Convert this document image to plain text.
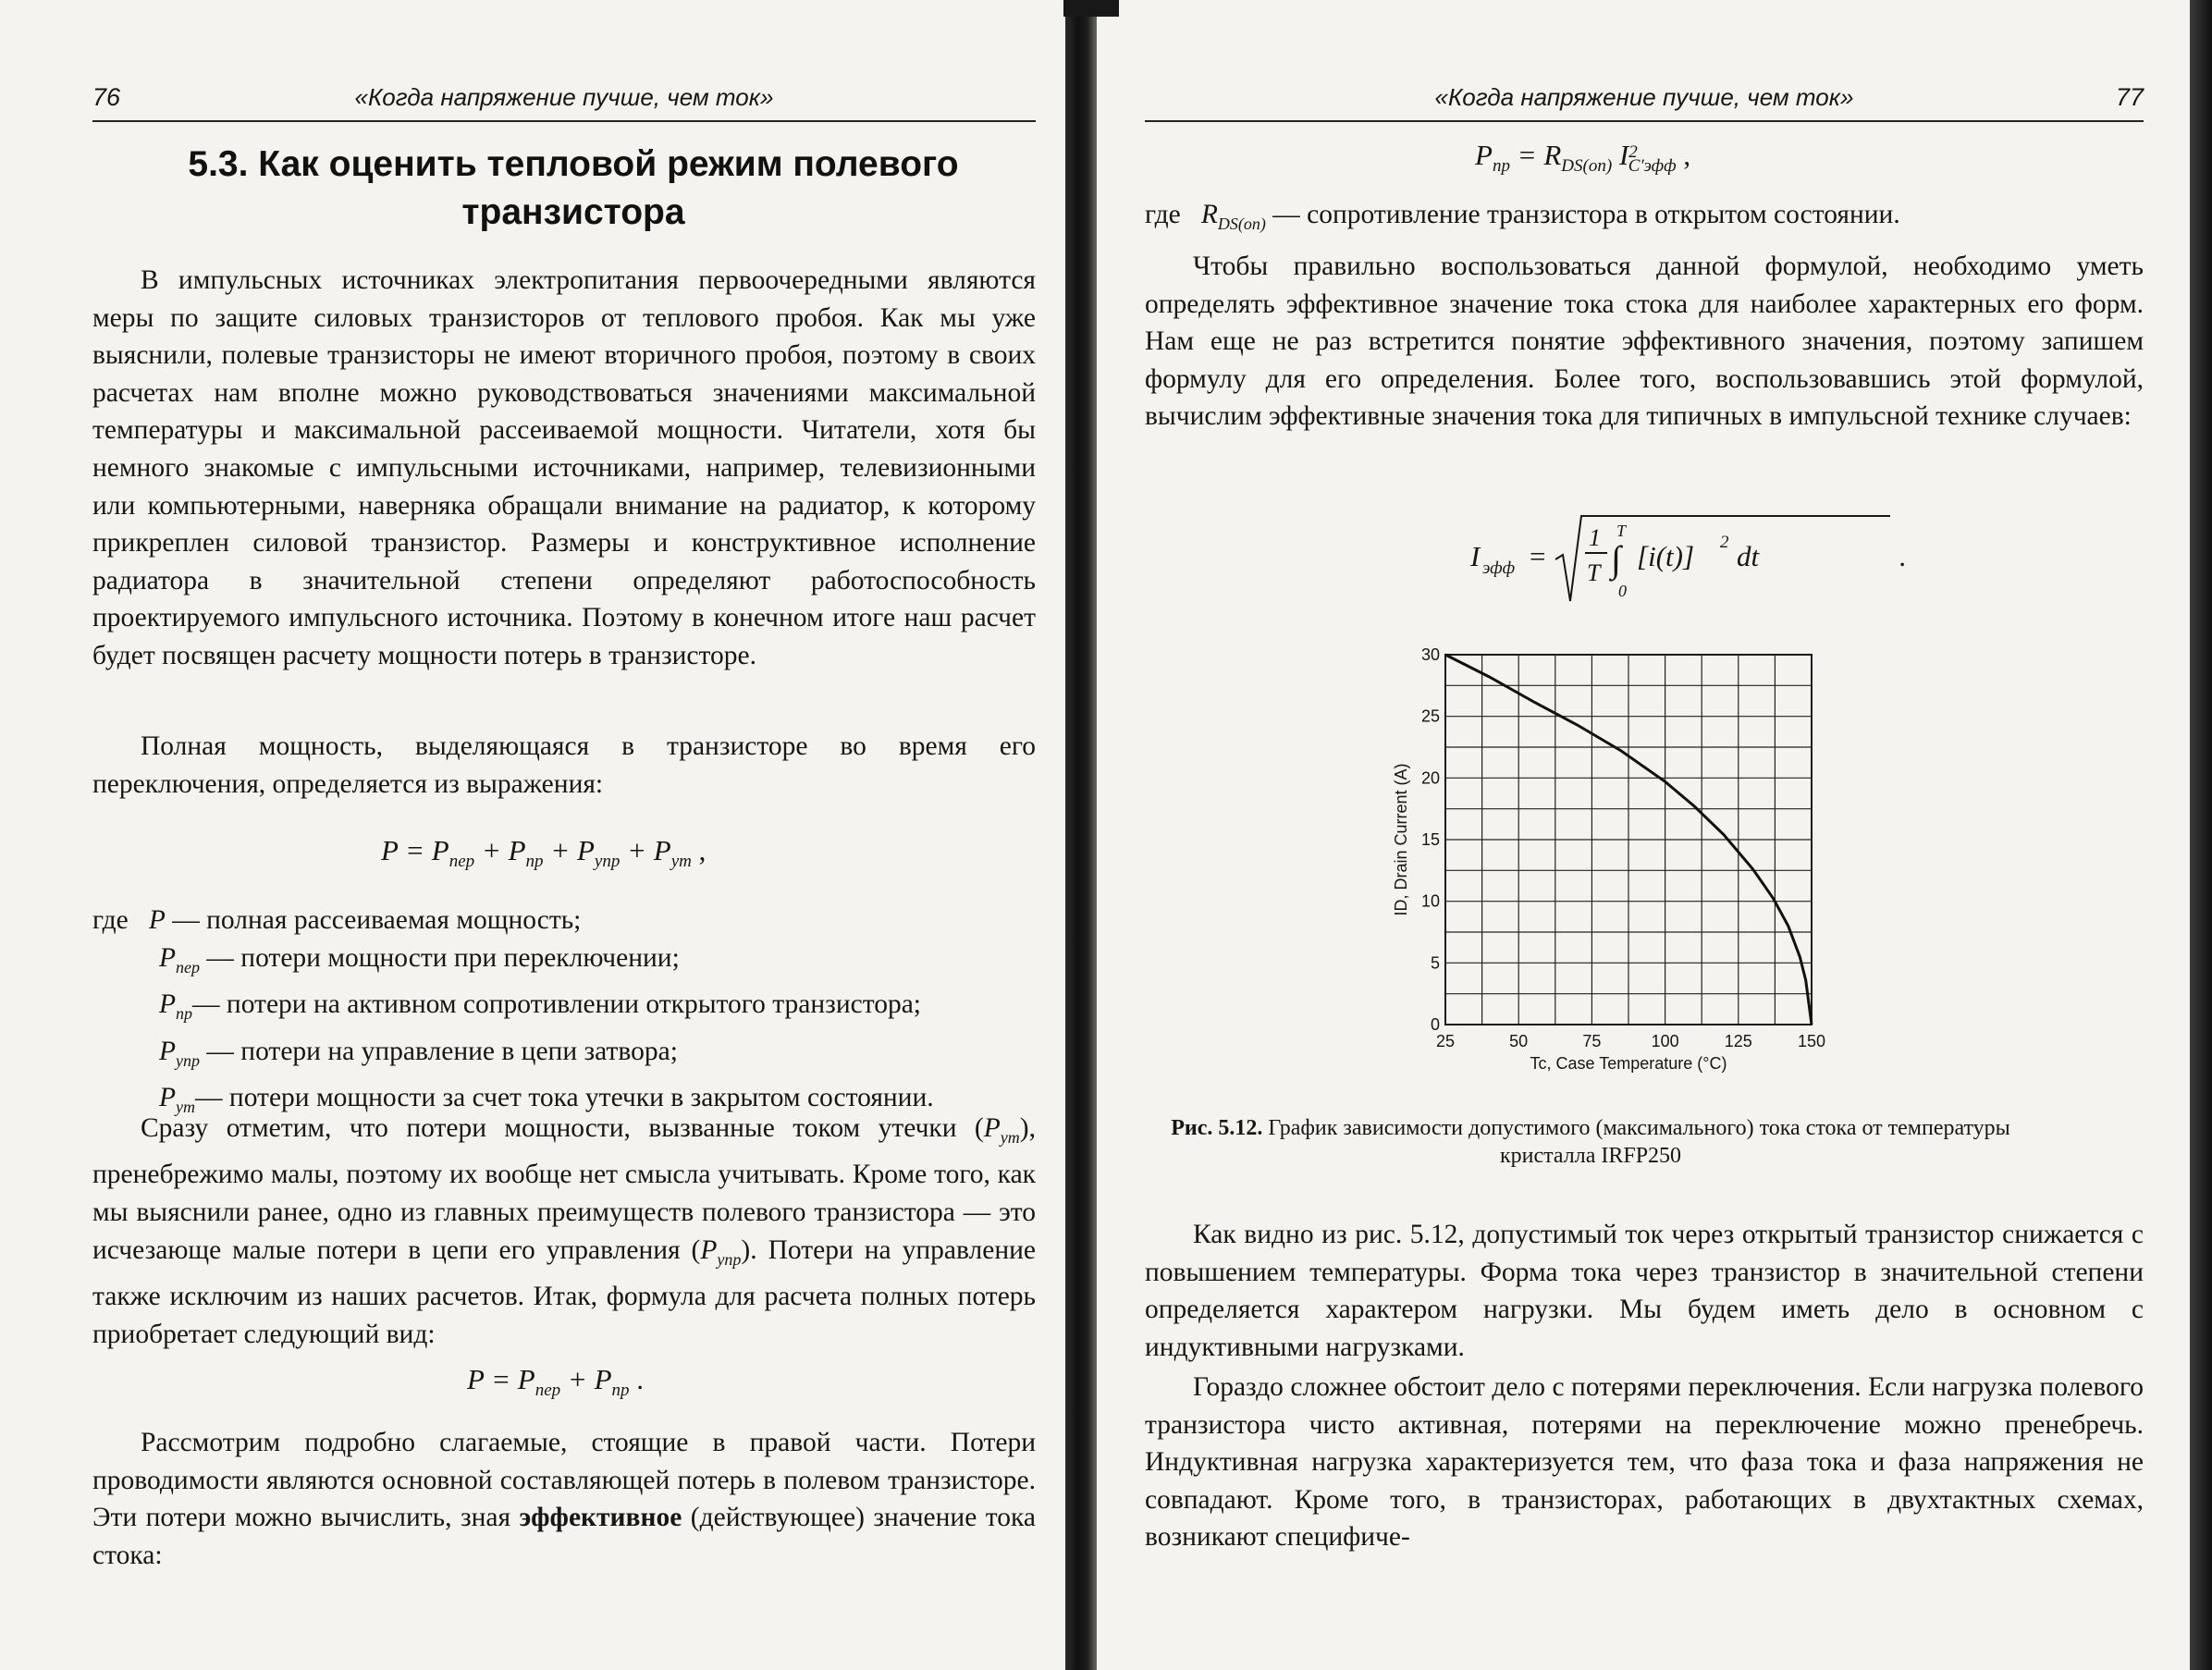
76	«Когда напряжение пучше, чем ток»
5.3. Как оценить тепловой режим полевого транзистора

В импульсных источниках электропитания первоочередными являются меры по защите силовых транзисторов от теплового пробоя. Как мы уже выяснили, полевые транзисторы не имеют вторичного пробоя, поэтому в своих расчетах нам вполне можно руководствоваться значениями максимальной температуры и максимальной рассеиваемой мощности. Читатели, хотя бы немного знакомые с импульсными источниками, например, телевизионными или компьютерными, наверняка обращали внимание на радиатор, к которому прикреплен силовой транзистор. Размеры и конструктивное исполнение радиатора в значительной степени определяют работоспособность проектируемого импульсного источника. Поэтому в конечном итоге наш расчет будет посвящен расчету мощности потерь в транзисторе.

Полная мощность, выделяющаяся в транзисторе во время его переключения, определяется из выражения:

$P = P_{пер} + P_{пр} + P_{упр} + P_{ут}$ ,
где P — полная рассеиваемая мощность;
$P_{пер}$ — потери мощности при переключении;
$P_{пр}—$ потери на активном сопротивлении открытого транзистора;
$P_{упр}$ — потери на управление в цепи затвора;
$P_{ут}—$ потери мощности за счет тока утечки в закрытом состоянии.

Сразу отметим, что потери мощности, вызванные током утечки $(P_{ут})$, пренебрежимо малы, поэтому их вообще нет смысла учитывать. Кроме того, как мы выяснили ранее, одно из главных преимуществ полевого транзистора — это исчезающе малые потери в цепи его управления $(P_{упр})$. Потери на управление также исключим из наших расчетов. Итак, формула для расчета полных потерь приобретает следующий вид:

$P = P_{пер} + P_{пр}$ .

Рассмотрим подробно слагаемые, стоящие в правой части. Потери проводимости являются основной составляющей потерь в полевом транзисторе. Эти потери можно вычислить, зная эффективное (действующее) значение тока стока:

«Когда напряжение пучше, чем ток»	77
$P_{пр} = R_{DS(on)}$ $I^2_{C'эфф}$ ,
где $R_{DS(on)}$ — сопротивление транзистора в открытом состоянии.

Чтобы правильно воспользоваться данной формулой, необходимо уметь определять эффективное значение тока стока для наиболее характерных его форм. Нам еще не раз встретится понятие эффективного значения, поэтому запишем формулу для его определения. Более того, воспользовавшись этой формулой, вычислим эффективные значения тока для типичных в импульсной технике случаев:

I эфф =
1
T
T
∫
0
[i(t)] 2 dt	.

Как видно из рис. 5.12, допустимый ток через открытый транзистор снижается с повышением температуры. Форма тока через транзистор в значительной степени определяется характером нагрузки. Мы будем иметь дело в основном с индуктивными нагрузками.

Гораздо сложнее обстоит дело с потерями переключения. Если нагрузка полевого транзистора чисто активная, потерями на переключение можно пренебречь. Индуктивная нагрузка характеризуется тем, что фаза тока и фаза напряжения не совпадают. Кроме того, в транзисторах, работающих в двухтактных схемах, возникают специфиче-

25	50	75	100	125	150
0
5
10
15
20
25
30
Tc, Case Temperature (°C)
ID, Drain Current (A)
Рис. 5.12. График зависимости допустимого (максимального) тока стока от температуры кристалла IRFP250
